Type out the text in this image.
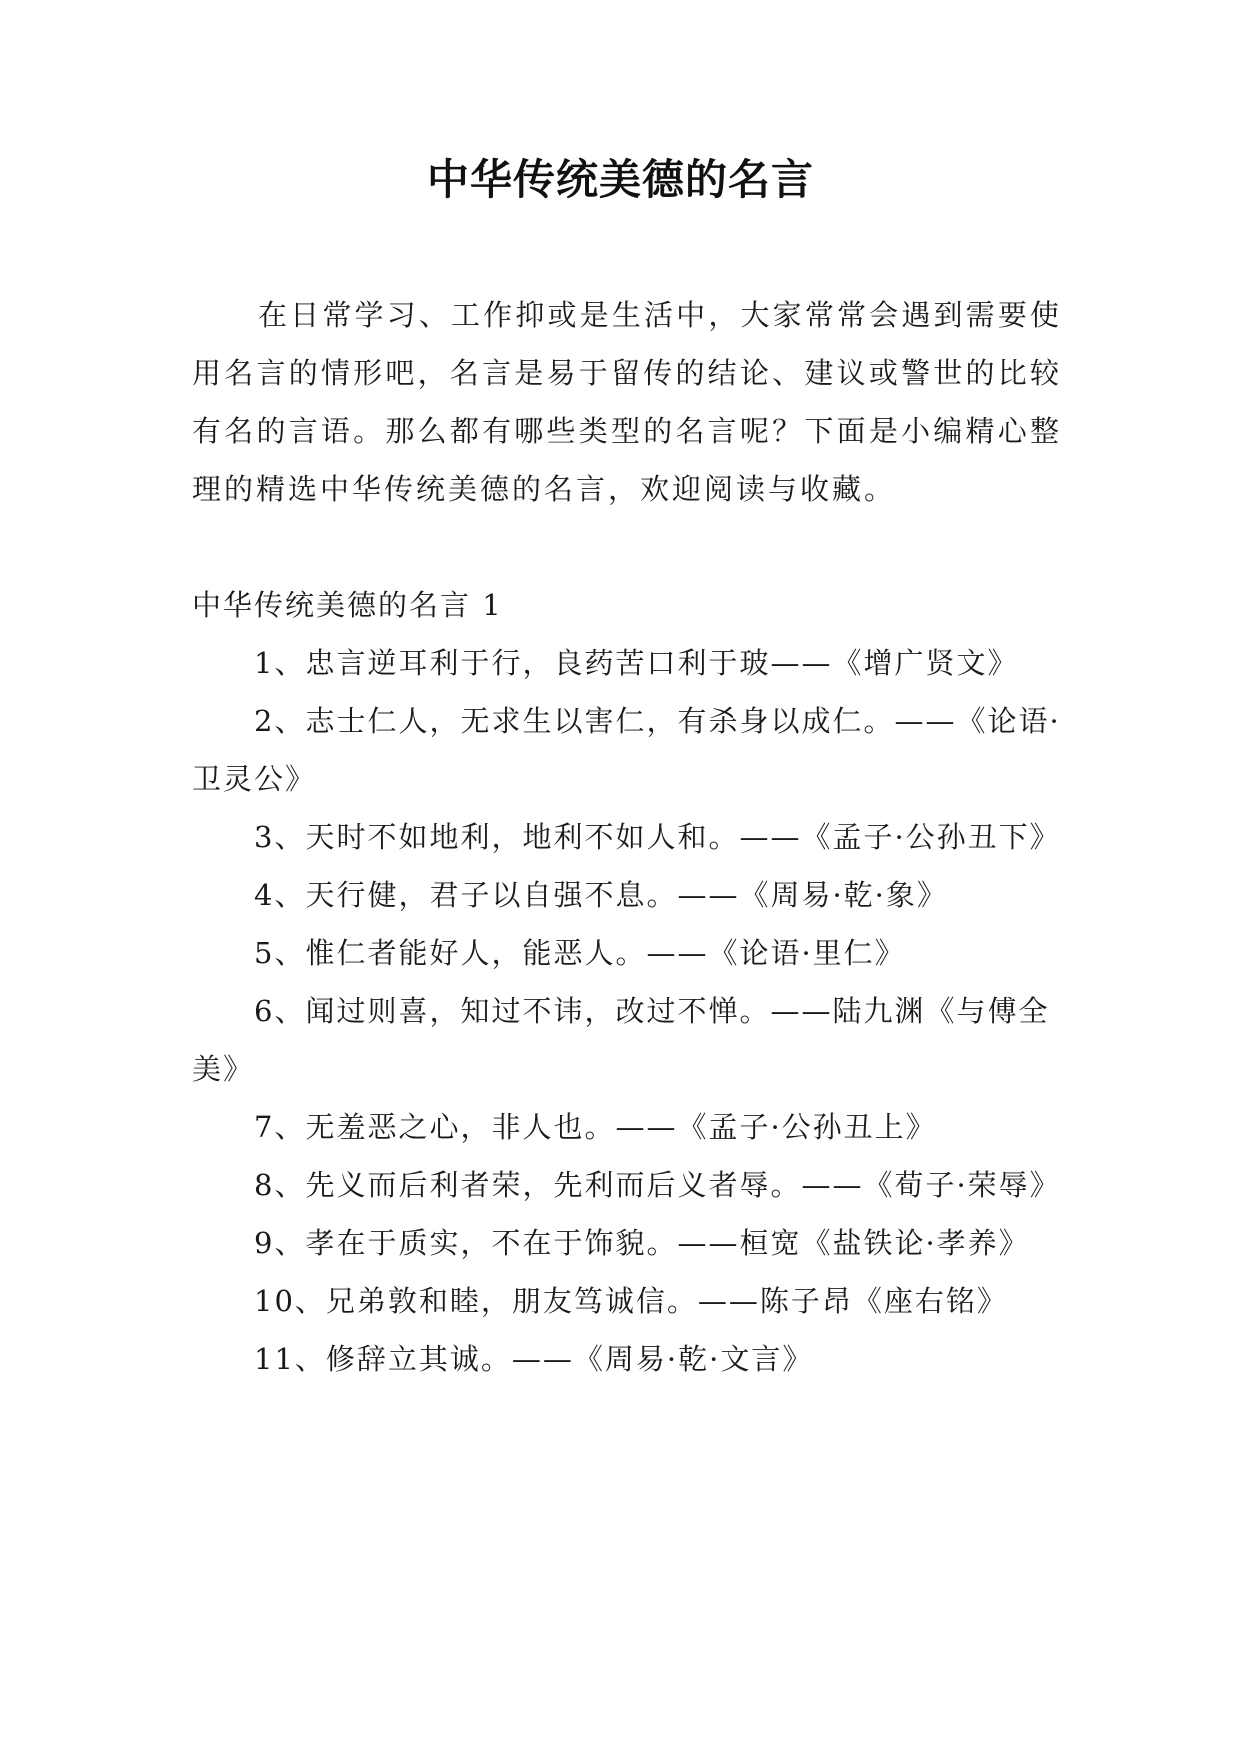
中华传统美德的名言

在日常学习、工作抑或是生活中，大家常常会遇到需要使用名言的情形吧，名言是易于留传的结论、建议或警世的比较有名的言语。那么都有哪些类型的名言呢？下面是小编精心整理的精选中华传统美德的名言，欢迎阅读与收藏。

中华传统美德的名言 1

1、忠言逆耳利于行，良药苦口利于玻——《增广贤文》

2、志士仁人，无求生以害仁，有杀身以成仁。——《论语·卫灵公》

3、天时不如地利，地利不如人和。——《孟子·公孙丑下》

4、天行健，君子以自强不息。——《周易·乾·象》

5、惟仁者能好人，能恶人。——《论语·里仁》

6、闻过则喜，知过不讳，改过不惮。——陆九渊《与傅全美》

7、无羞恶之心，非人也。——《孟子·公孙丑上》

8、先义而后利者荣，先利而后义者辱。——《荀子·荣辱》

9、孝在于质实，不在于饰貌。——桓宽《盐铁论·孝养》

10、兄弟敦和睦，朋友笃诚信。——陈子昂《座右铭》

11、修辞立其诚。——《周易·乾·文言》
